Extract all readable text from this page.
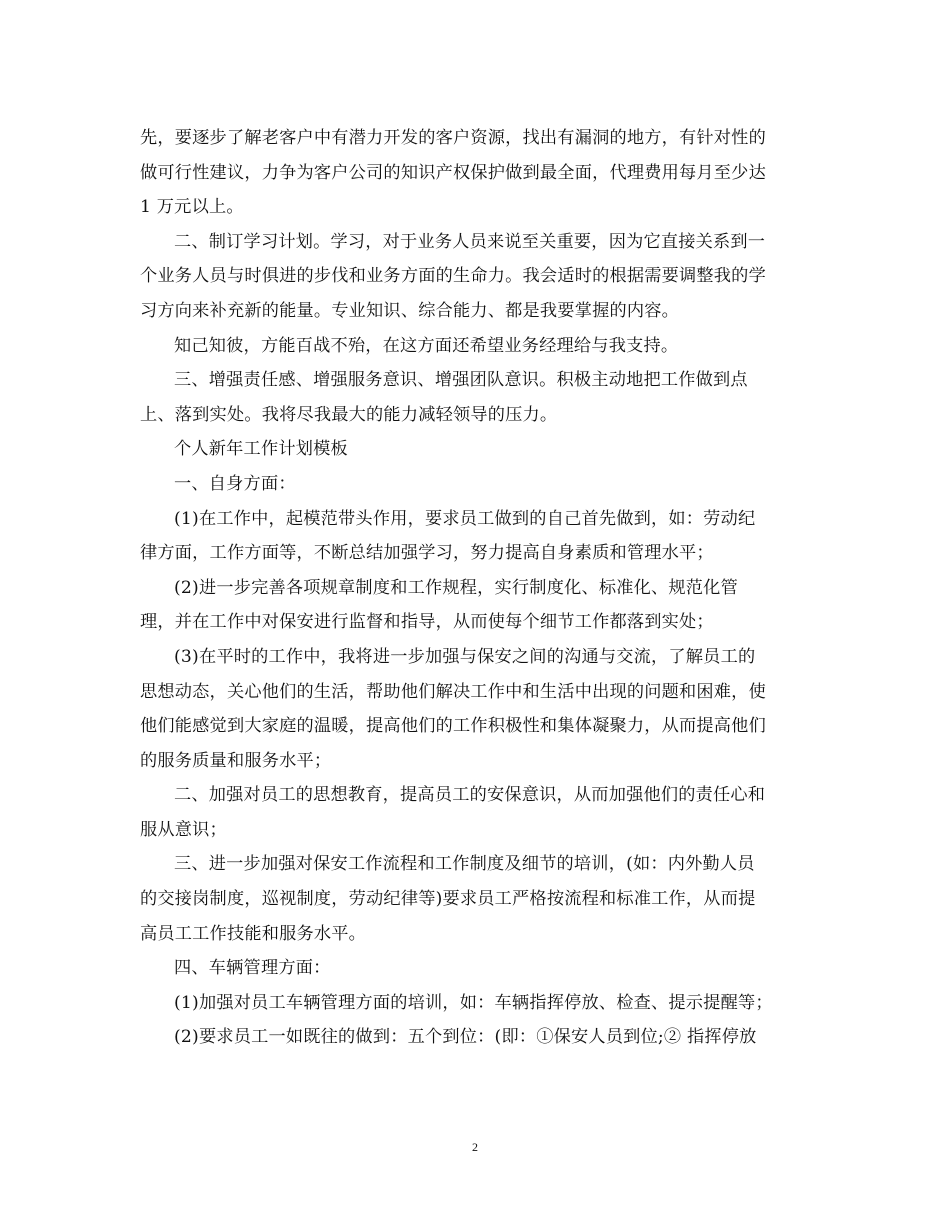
先，要逐步了解老客户中有潜力开发的客户资源，找出有漏洞的地方，有针对性的
做可行性建议，力争为客户公司的知识产权保护做到最全面，代理费用每月至少达
1 万元以上。
二、制订学习计划。学习，对于业务人员来说至关重要，因为它直接关系到一
个业务人员与时俱进的步伐和业务方面的生命力。我会适时的根据需要调整我的学
习方向来补充新的能量。专业知识、综合能力、都是我要掌握的内容。
知己知彼，方能百战不殆，在这方面还希望业务经理给与我支持。
三、增强责任感、增强服务意识、增强团队意识。积极主动地把工作做到点
上、落到实处。我将尽我最大的能力减轻领导的压力。
个人新年工作计划模板
一、自身方面：
(1)在工作中，起模范带头作用，要求员工做到的自己首先做到，如：劳动纪
律方面，工作方面等，不断总结加强学习，努力提高自身素质和管理水平；
(2)进一步完善各项规章制度和工作规程，实行制度化、标准化、规范化管
理，并在工作中对保安进行监督和指导，从而使每个细节工作都落到实处；
(3)在平时的工作中，我将进一步加强与保安之间的沟通与交流，了解员工的
思想动态，关心他们的生活，帮助他们解决工作中和生活中出现的问题和困难，使
他们能感觉到大家庭的温暖，提高他们的工作积极性和集体凝聚力，从而提高他们
的服务质量和服务水平；
二、加强对员工的思想教育，提高员工的安保意识，从而加强他们的责任心和
服从意识；
三、进一步加强对保安工作流程和工作制度及细节的培训，(如：内外勤人员
的交接岗制度，巡视制度，劳动纪律等)要求员工严格按流程和标准工作，从而提
高员工工作技能和服务水平。
四、车辆管理方面：
(1)加强对员工车辆管理方面的培训，如：车辆指挥停放、检查、提示提醒等；
(2)要求员工一如既往的做到：五个到位：(即：①保安人员到位;② 指挥停放
2
